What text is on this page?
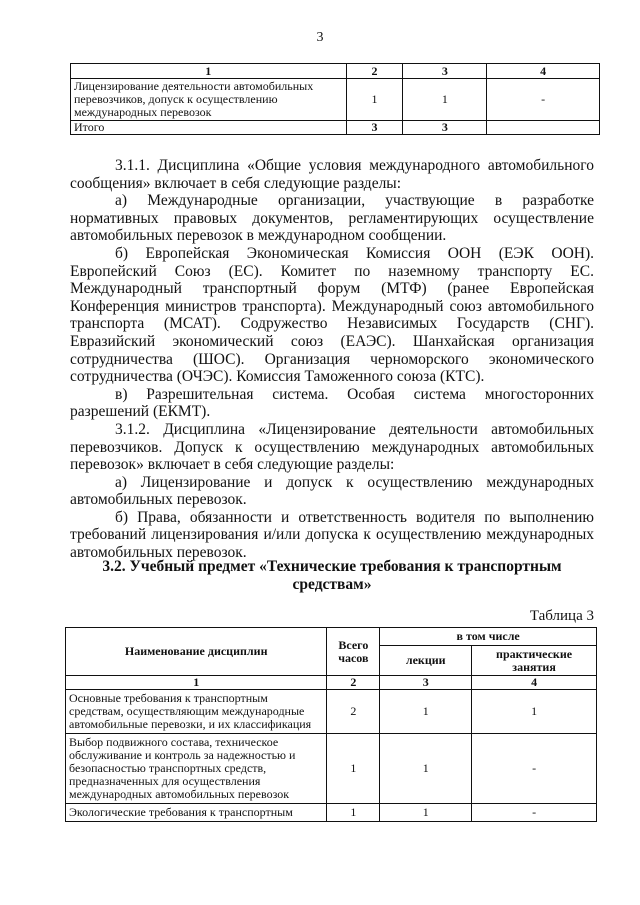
3
1	2	3	4
Лицензирование деятельности автомобильных перевозчиков, допуск к осуществлению международных перевозок	1	1	-
Итого	3	3	

3.1.1. Дисциплина «Общие условия международного автомобильного сообщения» включает в себя следующие разделы:

а) Международные организации, участвующие в разработке нормативных правовых документов, регламентирующих осуществление автомобильных перевозок в международном сообщении.

б) Европейская Экономическая Комиссия ООН (ЕЭК ООН). Европейский Союз (ЕС). Комитет по наземному транспорту ЕС. Международный транспортный форум (МТФ) (ранее Европейская Конференция министров транспорта). Международный союз автомобильного транспорта (МСАТ). Содружество Независимых Государств (СНГ). Евразийский экономический союз (ЕАЭС). Шанхайская организация сотрудничества (ШОС). Организация черноморского экономического сотрудничества (ОЧЭС). Комиссия Таможенного союза (КТС).

в) Разрешительная система. Особая система многосторонних разрешений (ЕКМТ).

3.1.2. Дисциплина «Лицензирование деятельности автомобильных перевозчиков. Допуск к осуществлению международных автомобильных перевозок» включает в себя следующие разделы:

а) Лицензирование и допуск к осуществлению международных автомобильных перевозок.

б) Права, обязанности и ответственность водителя по выполнению требований лицензирования и/или допуска к осуществлению международных автомобильных перевозок.

3.2. Учебный предмет «Технические требования к транспортным средствам»
Таблица 3
Наименование дисциплин	Всего часов	в том числе	
		лекции	практические занятия
1	2	3	4
Основные требования к транспортным средствам, осуществляющим международные автомобильные перевозки, и их классификация	2	1	1
Выбор подвижного состава, техническое обслуживание и контроль за надежностью и безопасностью транспортных средств, предназначенных для осуществления международных автомобильных перевозок	1	1	-
Экологические требования к транспортным	1	1	-
